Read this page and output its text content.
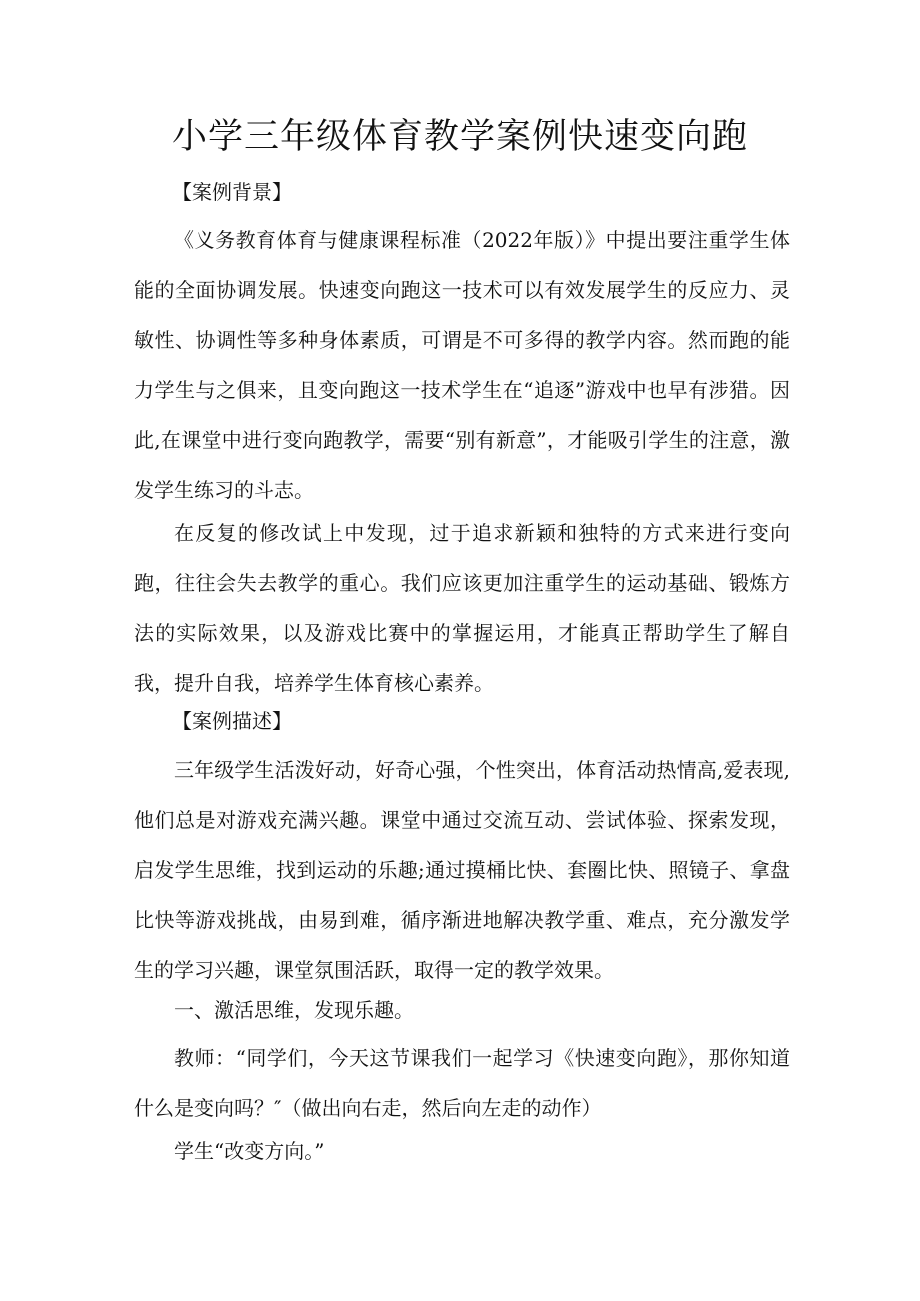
小学三年级体育教学案例快速变向跑

【案例背景】

《义务教育体育与健康课程标准（2022年版）》中提出要注重学生体能的全面协调发展。快速变向跑这一技术可以有效发展学生的反应力、灵敏性、协调性等多种身体素质，可谓是不可多得的教学内容。然而跑的能力学生与之俱来，且变向跑这一技术学生在“追逐”游戏中也早有涉猎。因此,在课堂中进行变向跑教学，需要“别有新意”，才能吸引学生的注意，激发学生练习的斗志。

在反复的修改试上中发现，过于追求新颖和独特的方式来进行变向跑，往往会失去教学的重心。我们应该更加注重学生的运动基础、锻炼方法的实际效果，以及游戏比赛中的掌握运用，才能真正帮助学生了解自我，提升自我，培养学生体育核心素养。

【案例描述】

三年级学生活泼好动，好奇心强，个性突出，体育活动热情高,爱表现,他们总是对游戏充满兴趣。课堂中通过交流互动、尝试体验、探索发现，启发学生思维，找到运动的乐趣;通过摸桶比快、套圈比快、照镜子、拿盘比快等游戏挑战，由易到难，循序渐进地解决教学重、难点，充分激发学生的学习兴趣，课堂氛围活跃，取得一定的教学效果。

一、激活思维，发现乐趣。

教师：“同学们，今天这节课我们一起学习《快速变向跑》，那你知道什么是变向吗？″（做出向右走，然后向左走的动作）

学生“改变方向。”
